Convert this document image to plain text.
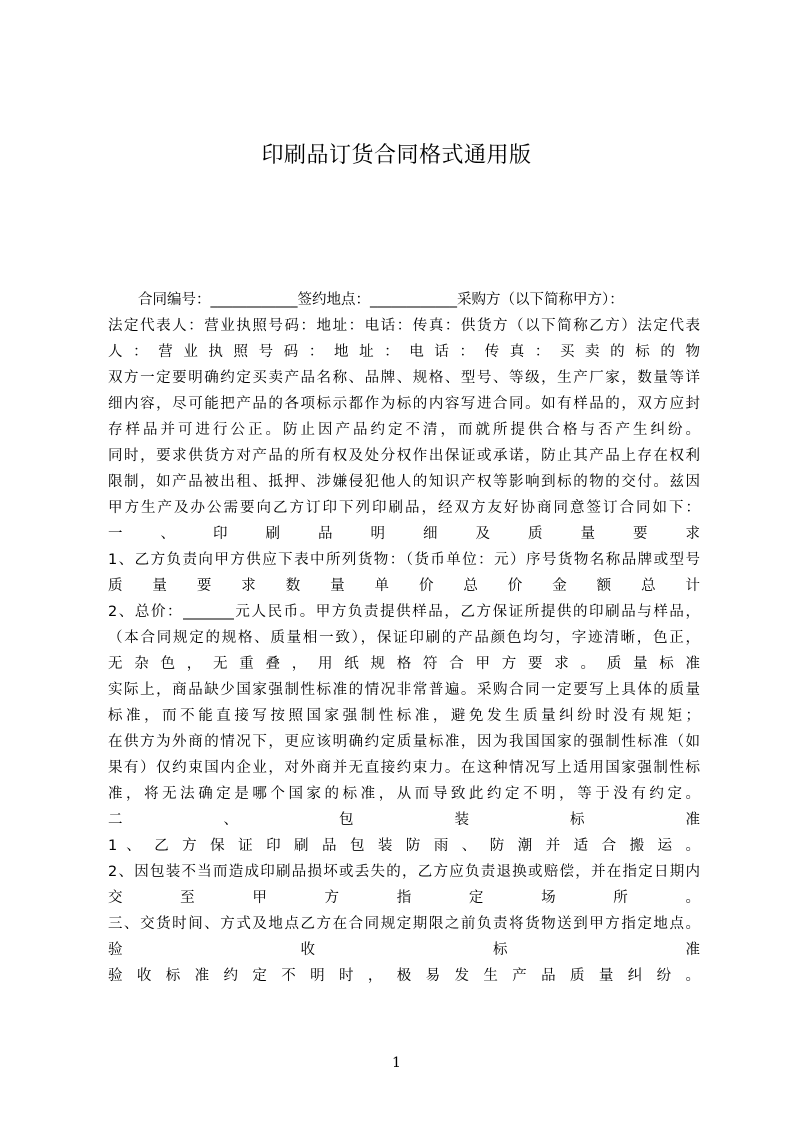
印刷品订货合同格式通用版
合同编号：____________签约地点：____________采购方（以下简称甲方）：
法定代表人：营业执照号码：地址：电话：传真：供货方（以下简称乙方）法定代表
人 ： 营 业 执 照 号 码 ： 地 址 ： 电 话 ： 传 真 ： 买 卖 的 标 的 物
双方一定要明确约定买卖产品名称、品牌、规格、型号、等级，生产厂家，数量等详
细内容，尽可能把产品的各项标示都作为标的内容写进合同。如有样品的，双方应封
存样品并可进行公正。防止因产品约定不清，而就所提供合格与否产生纠纷。
同时，要求供货方对产品的所有权及处分权作出保证或承诺，防止其产品上存在权利
限制，如产品被出租、抵押、涉嫌侵犯他人的知识产权等影响到标的物的交付。兹因
甲方生产及办公需要向乙方订印下列印刷品，经双方友好协商同意签订合同如下：
一 、 印 刷 品 明 细 及 质 量 要 求
1、乙方负责向甲方供应下表中所列货物：（货币单位：元）序号货物名称品牌或型号
质 量 要 求 数 量 单 价 总 价 金 额 总 计
2、总价：_______元人民币。甲方负责提供样品，乙方保证所提供的印刷品与样品，
（本合同规定的规格、质量相一致），保证印刷的产品颜色均匀，字迹清晰，色正，
无 杂 色 ， 无 重 叠 ， 用 纸 规 格 符 合 甲 方 要 求 。 质 量 标 准
实际上，商品缺少国家强制性标准的情况非常普遍。采购合同一定要写上具体的质量
标准，而不能直接写按照国家强制性标准，避免发生质量纠纷时没有规矩；
在供方为外商的情况下，更应该明确约定质量标准，因为我国国家的强制性标准（如
果有）仅约束国内企业，对外商并无直接约束力。在这种情况写上适用国家强制性标
准，将无法确定是哪个国家的标准，从而导致此约定不明，等于没有约定。
二 、 包 装 标 准
1 、 乙 方 保 证 印 刷 品 包 装 防 雨 、 防 潮 并 适 合 搬 运 。
2、因包装不当而造成印刷品损坏或丢失的，乙方应负责退换或赔偿，并在指定日期内
交 至 甲 方 指 定 场 所 。
三、交货时间、方式及地点乙方在合同规定期限之前负责将货物送到甲方指定地点。
验 收 标 准
验 收 标 准 约 定 不 明 时 ， 极 易 发 生 产 品 质 量 纠 纷 。
1
